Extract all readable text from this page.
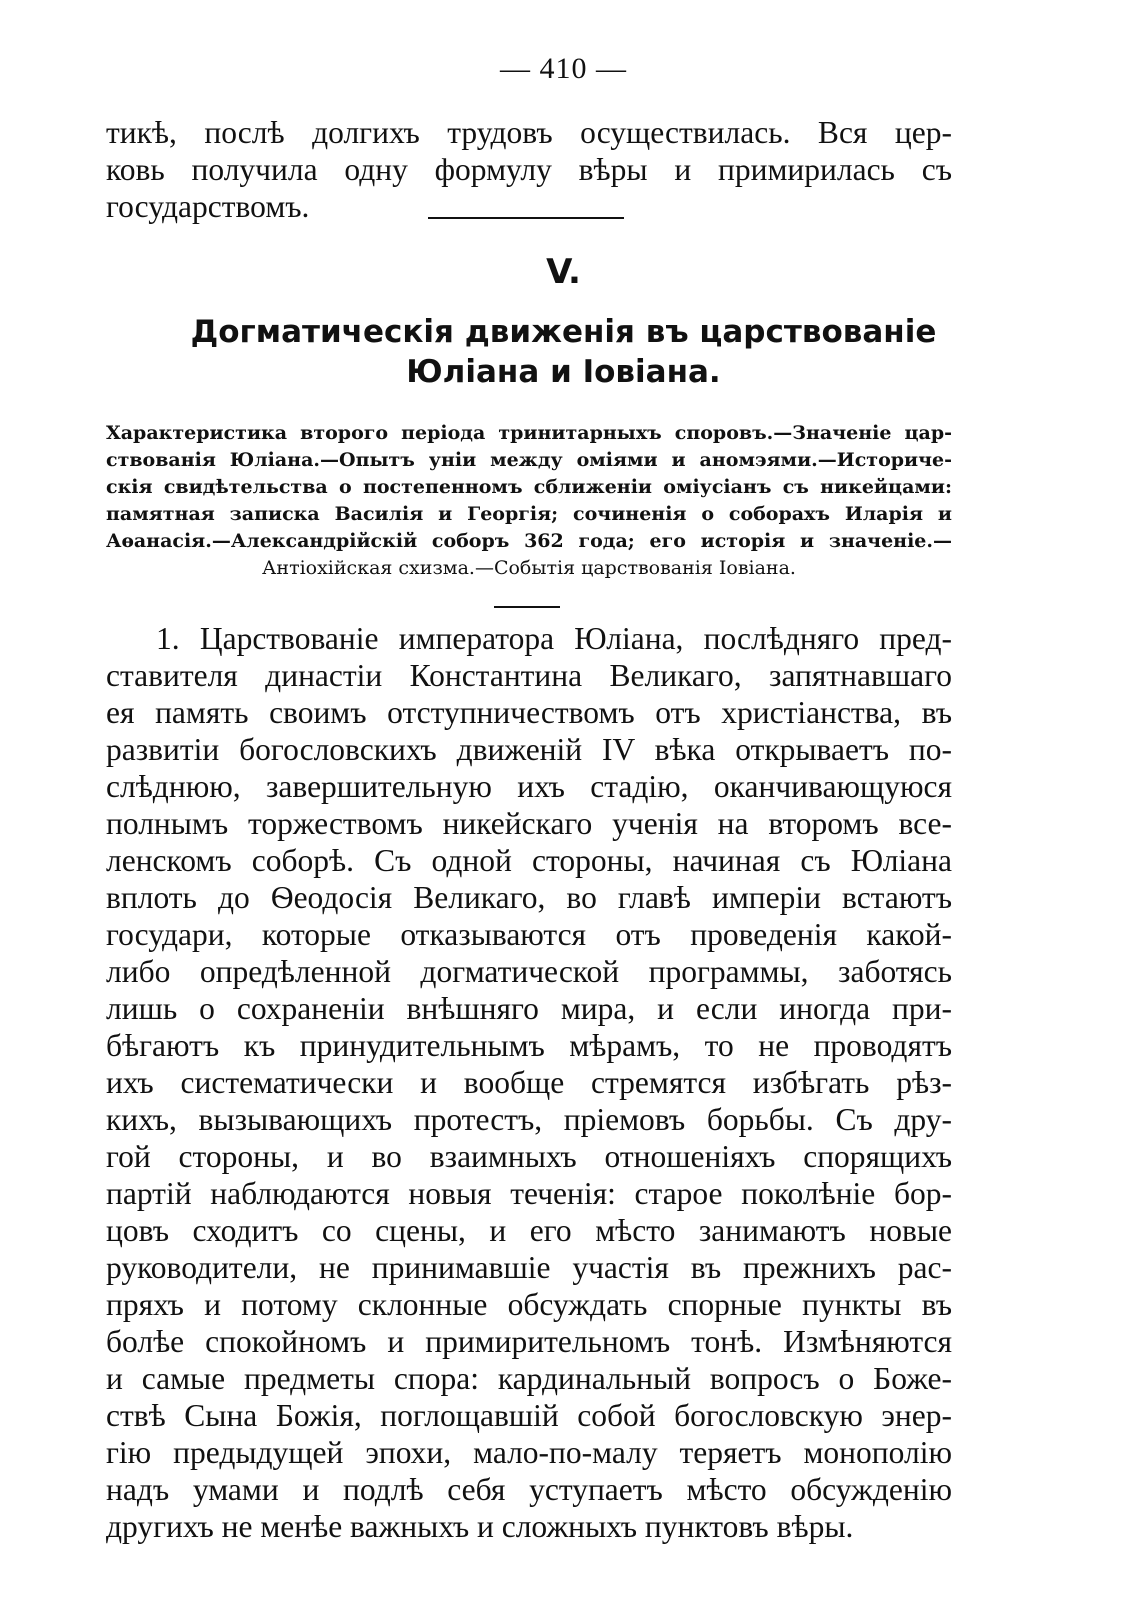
— 410 —
тикѣ, послѣ долгихъ трудовъ осуществилась. Вся цер-
ковь получила одну формулу вѣры и примирилась съ
государствомъ.
V.
Догматическія движенія въ царствованіе
Юліана и Іовіана.
Характеристика второго періода тринитарныхъ споровъ.—Значеніе цар-
ствованія Юліана.—Опытъ уніи между оміями и аномэями.—Историче-
скія свидѣтельства о постепенномъ сближеніи оміусіанъ съ никейцами:
памятная записка Василія и Георгія; сочиненія о соборахъ Иларія и
Аѳанасія.—Александрійскій соборъ 362 года; его исторія и значеніе.—
Антіохійская схизма.—Событія царствованія Іовіана.
1. Царствованіе императора Юліана, послѣдняго пред-
ставителя династіи Константина Великаго, запятнавшаго
ея память своимъ отступничествомъ отъ христіанства, въ
развитіи богословскихъ движеній IV вѣка открываетъ по-
слѣднюю, завершительную ихъ стадію, оканчивающуюся
полнымъ торжествомъ никейскаго ученія на второмъ все-
ленскомъ соборѣ. Съ одной стороны, начиная съ Юліана
вплоть до Ѳеодосія Великаго, во главѣ имперіи встаютъ
государи, которые отказываются отъ проведенія какой-
либо опредѣленной догматической программы, заботясь
лишь о сохраненіи внѣшняго мира, и если иногда при-
бѣгаютъ къ принудительнымъ мѣрамъ, то не проводятъ
ихъ систематически и вообще стремятся избѣгать рѣз-
кихъ, вызывающихъ протестъ, пріемовъ борьбы. Съ дру-
гой стороны, и во взаимныхъ отношеніяхъ спорящихъ
партій наблюдаются новыя теченія: старое поколѣніе бор-
цовъ сходитъ со сцены, и его мѣсто занимаютъ новые
руководители, не принимавшіе участія въ прежнихъ рас-
пряхъ и потому склонные обсуждать спорные пункты въ
болѣе спокойномъ и примирительномъ тонѣ. Измѣняются
и самые предметы спора: кардинальный вопросъ о Боже-
ствѣ Сына Божія, поглощавшій собой богословскую энер-
гію предыдущей эпохи, мало-по-малу теряетъ монополію
надъ умами и подлѣ себя уступаетъ мѣсто обсужденію
другихъ не менѣе важныхъ и сложныхъ пунктовъ вѣры.
